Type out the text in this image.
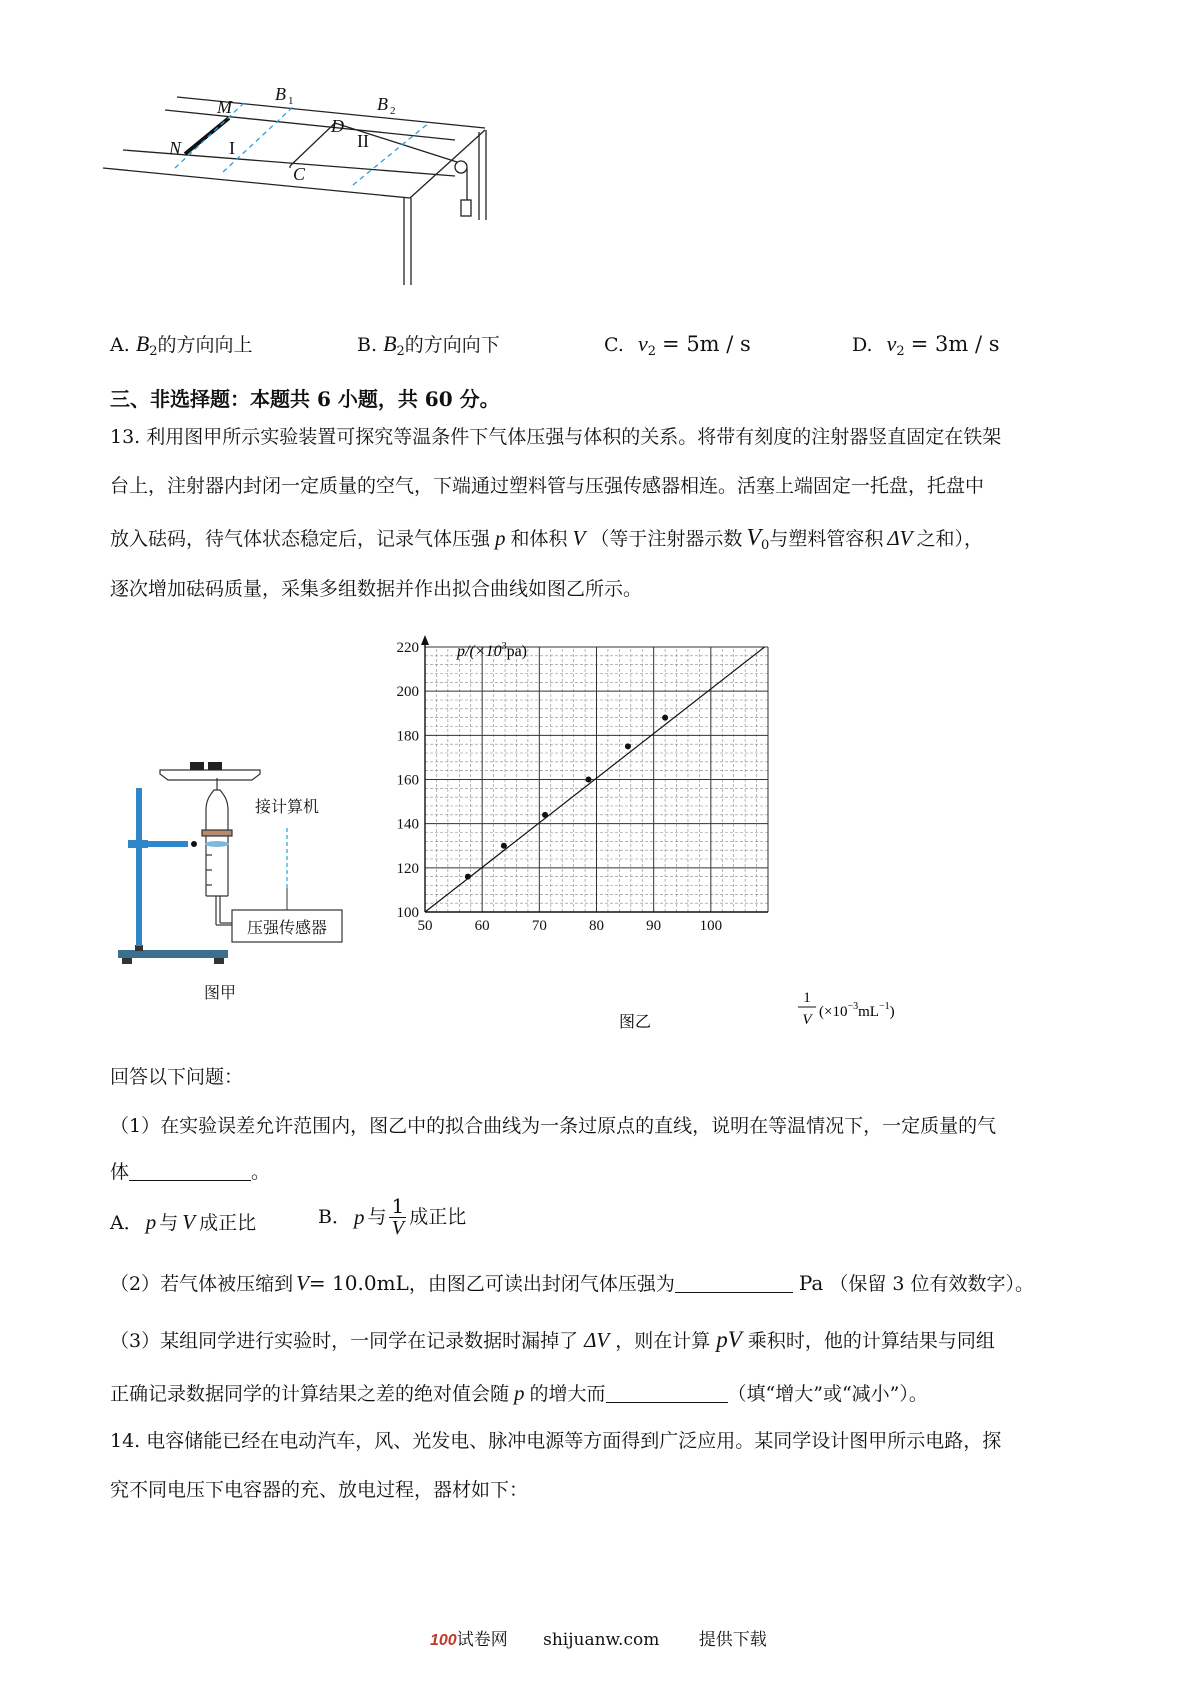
M
N
B 1	B 2
D
C
I	II
A. $B_2$的方向向上	B. $B_2$的方向向下	C. $v_2 = 5m / s$	D. $v_2 = 3m / s$
三、非选择题：本题共 6 小题，共 60 分。
13. 利用图甲所示实验装置可探究等温条件下气体压强与体积的关系。将带有刻度的注射器竖直固定在铁架
台上，注射器内封闭一定质量的空气，下端通过塑料管与压强传感器相连。活塞上端固定一托盘，托盘中
放入砝码，待气体状态稳定后，记录气体压强 p 和体积 V （等于注射器示数 $V_0$与塑料管容积 ΔV 之和），
逐次增加砝码质量，采集多组数据并作出拟合曲线如图乙所示。
压强传感器
接计算机
图甲
50	60	70	80	90	100
100
120
140
160
180
200
220 $p/(\times 10^3pa)$
1
V $(\times 10^{-3}mL^{-1})$
图乙
回答以下问题：
（1）在实验误差允许范围内，图乙中的拟合曲线为一条过原点的直线，说明在等温情况下，一定质量的气
体	。
A． p 与 V 成正比	B． p 与 $\frac{1}{V}$ 成正比
（2）若气体被压缩到 V= 10.0mL，由图乙可读出封闭气体压强为	Pa （保留 3 位有效数字）。
（3）某组同学进行实验时，一同学在记录数据时漏掉了 ΔV ，则在计算 pV 乘积时，他的计算结果与同组
正确记录数据同学的计算结果之差的绝对值会随 p 的增大而	（填“增大”或“减小”）。
14. 电容储能已经在电动汽车，风、光发电、脉冲电源等方面得到广泛应用。某同学设计图甲所示电路，探
究不同电压下电容器的充、放电过程，器材如下：
100试卷网 shijuanw.com 提供下载
